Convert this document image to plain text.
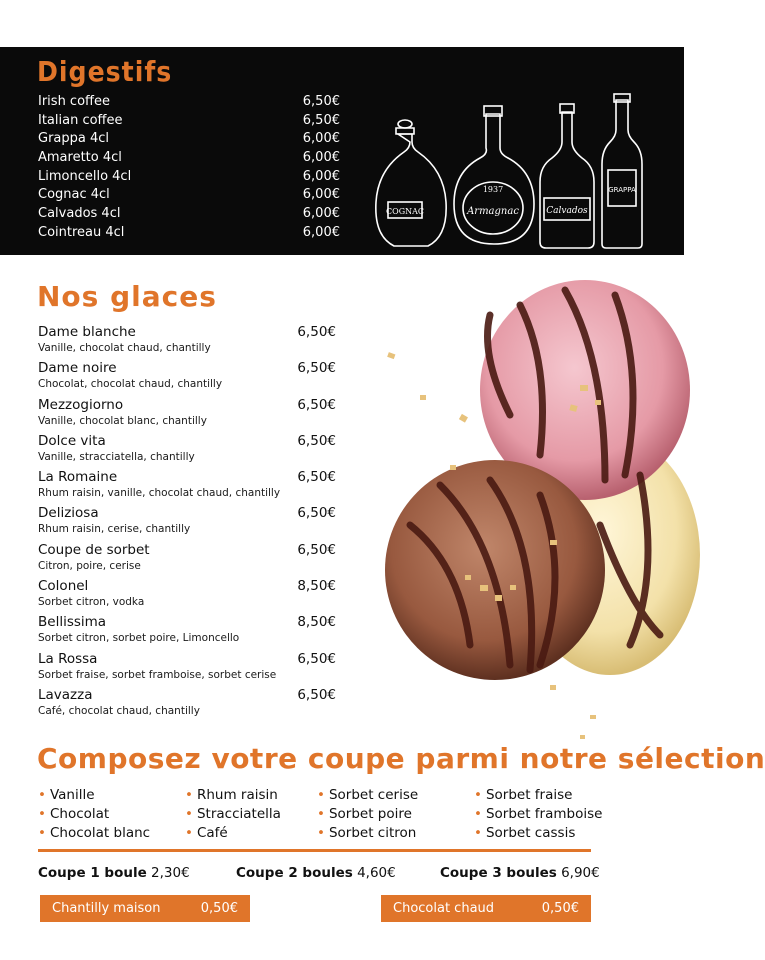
Digestifs
Irish coffee	6,50€
Italian coffee	6,50€
Grappa 4cl	6,00€
Amaretto 4cl	6,00€
Limoncello 4cl	6,00€
Cognac 4cl	6,00€
Calvados 4cl	6,00€
Cointreau 4cl	6,00€
COGNAC
1937
Armagnac	Calvados
GRAPPA
Nos glaces
Dame blanche	6,50€
Vanille, chocolat chaud, chantilly
Dame noire	6,50€
Chocolat, chocolat chaud, chantilly
Mezzogiorno	6,50€
Vanille, chocolat blanc, chantilly
Dolce vita	6,50€
Vanille, stracciatella, chantilly
La Romaine	6,50€
Rhum raisin, vanille, chocolat chaud, chantilly
Deliziosa	6,50€
Rhum raisin, cerise, chantilly
Coupe de sorbet	6,50€
Citron, poire, cerise
Colonel	8,50€
Sorbet citron, vodka
Bellissima	8,50€
Sorbet citron, sorbet poire, Limoncello
La Rossa	6,50€
Sorbet fraise, sorbet framboise, sorbet cerise
Lavazza	6,50€
Café, chocolat chaud, chantilly
Composez votre coupe parmi notre sélection
• Vanille
• Chocolat
• Chocolat blanc
• Rhum raisin
• Stracciatella
• Café
• Sorbet cerise
• Sorbet poire
• Sorbet citron
• Sorbet fraise
• Sorbet framboise
• Sorbet cassis
Coupe 1 boule 2,30€	Coupe 2 boules 4,60€	Coupe 3 boules 6,90€
Chantilly maison	0,50€	Chocolat chaud	0,50€
